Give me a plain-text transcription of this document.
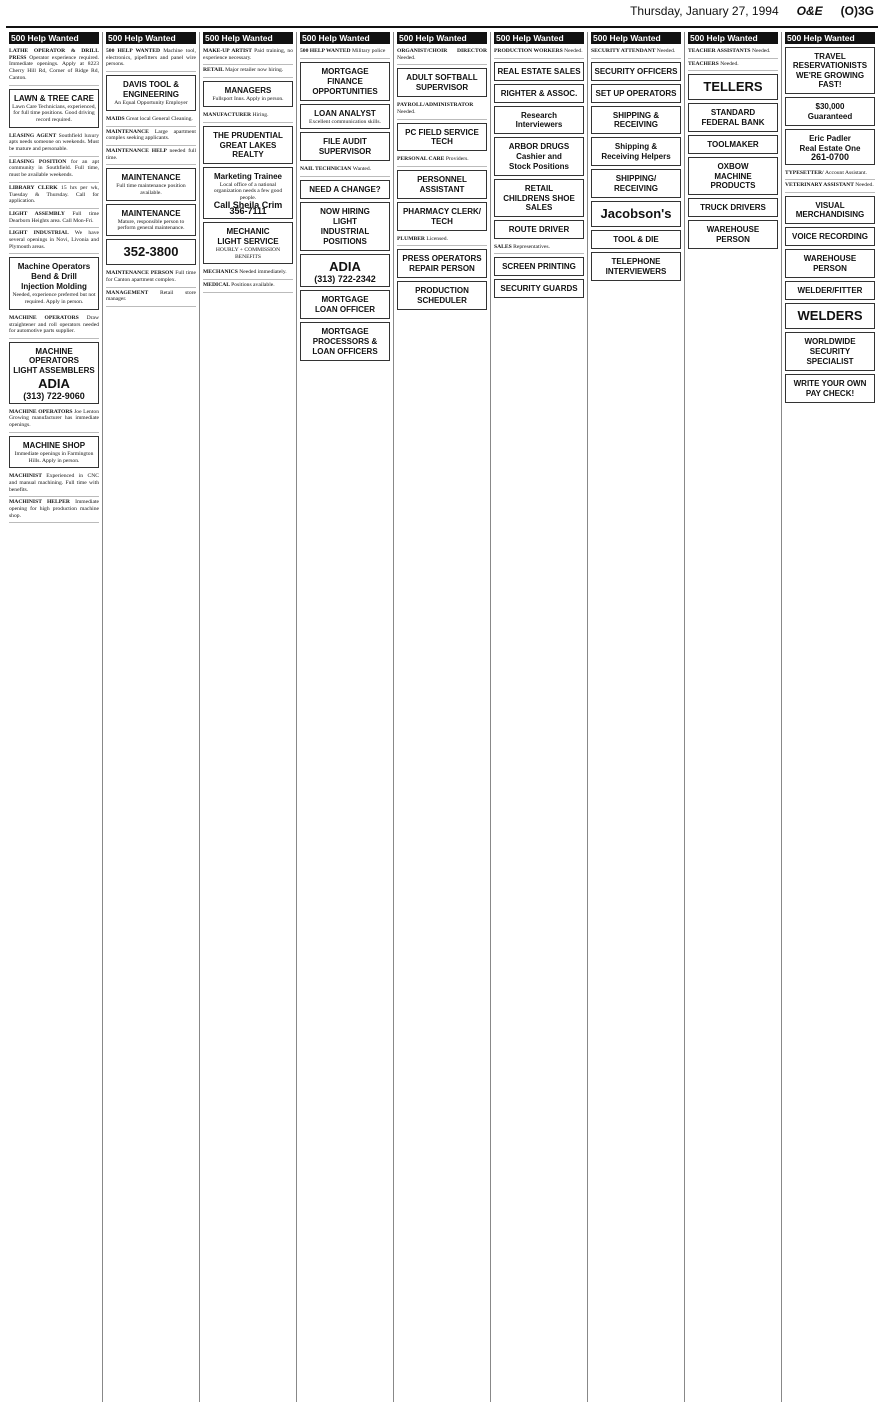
Thursday, January 27, 1994 O&E (O)3G
500 Help Wanted
LATHE OPERATOR & DRILL PRESS Operator experience required. Immediate openings. Apply at 8223 Cherry Hill Rd, Corner of Ridge Rd, Canton.
LAWN & TREE CARE
Lawn Care Technicians, experienced, for full time positions. Good driving record required.
LEASING AGENT Southfield luxury apts needs someone on weekends. Must be mature and personable.
LEASING POSITION for an apt community in Southfield. Full time, must be available weekends.
LIBRARY CLERK 15 hrs per wk, Tuesday & Thursday. Call for application.
LIGHT ASSEMBLY Full time Dearborn Heights area. Call Mon-Fri.
LIGHT INDUSTRIAL We have several openings in Novi, Livonia and Plymouth areas.
Machine Operators
Bend & Drill
Injection Molding
Needed, experience preferred but not required. Apply in person.
MACHINE OPERATORS Draw straightener and roll operators needed for automotive parts supplier.
MACHINE OPERATORS
LIGHT ASSEMBLERS
ADIA
(313) 722-9060
MACHINE OPERATORS Joe Lenton Growing manufacturer has immediate openings.
MACHINE SHOP
Immediate openings in Farmington Hills. Apply in person.
MACHINIST Experienced in CNC and manual machining. Full time with benefits.
MACHINIST HELPER Immediate opening for high production machine shop.
500 Help Wanted
500 HELP WANTED Machine tool, electronics, pipefitters and panel wire persons.
DAVIS TOOL &
ENGINEERING
An Equal Opportunity Employer
MAIDS Great local General Cleaning.
MAINTENANCE Large apartment complex seeking applicants.
MAINTENANCE HELP needed full time.
MAINTENANCE
Full time maintenance position available.
MAINTENANCE
Mature, responsible person to perform general maintenance.
352-3800
MAINTENANCE PERSON Full time for Canton apartment complex.
MANAGEMENT Retail store manager.
500 Help Wanted
MAKE-UP ARTIST Paid training, no experience necessary.
RETAIL Major retailer now hiring.
MANAGERS
Fullsport Inns. Apply in person.
MANUFACTURER Hiring.
THE PRUDENTIAL
GREAT LAKES REALTY
Marketing Trainee
Local office of a national organization needs a few good people.
Call Sheila Crim 356-7111
MECHANIC
LIGHT SERVICE
HOURLY + COMMISSION BENEFITS
MECHANICS Needed immediately.
MEDICAL Positions available.
500 Help Wanted
500 HELP WANTED Military police
MORTGAGE
FINANCE
OPPORTUNITIES
LOAN ANALYST
Excellent communication skills.
FILE AUDIT
SUPERVISOR
NAIL TECHNICIAN Wanted.
NEED A CHANGE?
NOW HIRING
LIGHT
INDUSTRIAL
POSITIONS
ADIA
(313) 722-2342
MORTGAGE
LOAN OFFICER
MORTGAGE
PROCESSORS &
LOAN OFFICERS
500 Help Wanted
ORGANIST/CHOIR DIRECTOR Needed.
ADULT SOFTBALL
SUPERVISOR
PAYROLL/ADMINISTRATOR Needed.
PC FIELD SERVICE TECH
PERSONAL CARE Providers.
PERSONNEL
ASSISTANT
PHARMACY CLERK/
TECH
PLUMBER Licensed.
PRESS OPERATORS
REPAIR PERSON
PRODUCTION
SCHEDULER
500 Help Wanted
PRODUCTION WORKERS Needed.
REAL ESTATE SALES
RIGHTER & ASSOC.
Research Interviewers
ARBOR DRUGS
Cashier and
Stock Positions
RETAIL
CHILDRENS SHOE SALES
ROUTE DRIVER
SALES Representatives.
SCREEN PRINTING
SECURITY GUARDS
500 Help Wanted
SECURITY ATTENDANT Needed.
SECURITY OFFICERS
SET UP OPERATORS
SHIPPING & RECEIVING
Shipping &
Receiving Helpers
SHIPPING/
RECEIVING
Jacobson's
TOOL & DIE
TELEPHONE
INTERVIEWERS
500 Help Wanted
TEACHER ASSISTANTS Needed.
TEACHERS Needed.
TELLERS
STANDARD
FEDERAL BANK
TOOLMAKER
OXBOW
MACHINE PRODUCTS
TRUCK DRIVERS
WAREHOUSE
PERSON
500 Help Wanted
TRAVEL RESERVATIONISTS
WE'RE GROWING FAST!
$30,000
Guaranteed
Eric Padler
Real Estate One
261-0700
TYPESETTER/ Account Assistant.
VETERINARY ASSISTANT Needed.
VISUAL MERCHANDISING
VOICE RECORDING
WAREHOUSE
PERSON
WELDER/FITTER
WELDERS
WORLDWIDE
SECURITY
SPECIALIST
WRITE YOUR OWN
PAY CHECK!
